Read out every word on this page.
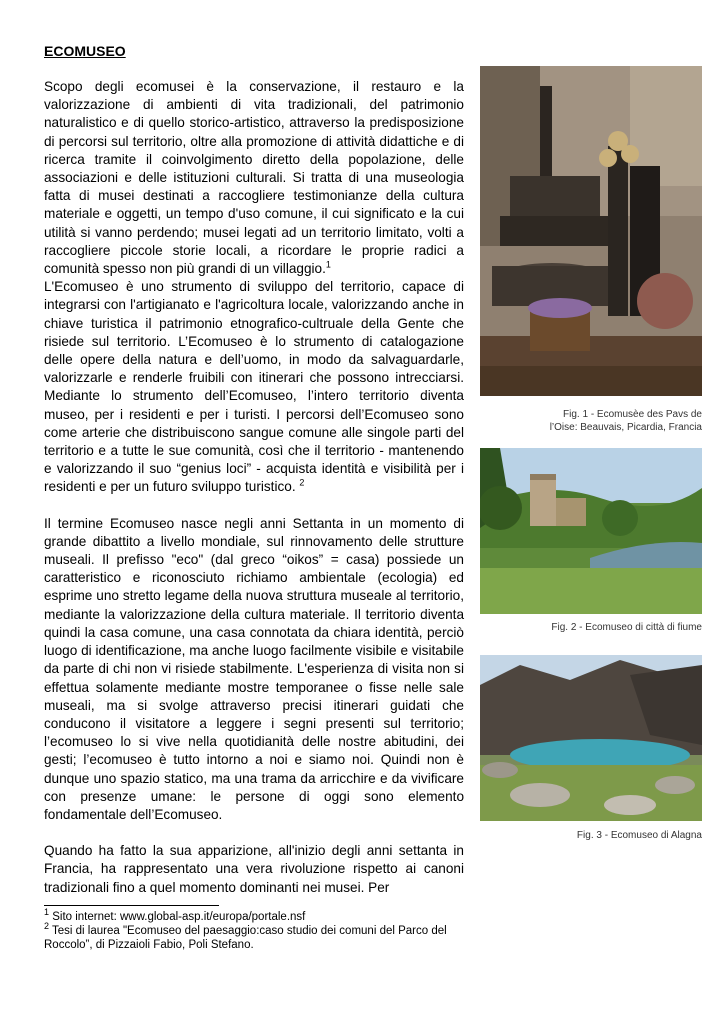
ECOMUSEO

Scopo degli ecomusei è la conservazione, il restauro e la valorizzazione di ambienti di vita tradizionali, del patrimonio naturalistico e di quello storico-artistico, attraverso la predisposizione di percorsi sul territorio, oltre alla promozione di attività didattiche e di ricerca tramite il coinvolgimento diretto della popolazione, delle associazioni e delle istituzioni culturali. Si tratta di una museologia fatta di musei destinati a raccogliere testimonianze della cultura materiale e oggetti, un tempo d'uso comune, il cui significato e la cui utilità si vanno perdendo; musei legati ad un territorio limitato, volti a raccogliere piccole storie locali, a ricordare le proprie radici a comunità spesso non più grandi di un villaggio.$^1$
L'Ecomuseo è uno strumento di sviluppo del territorio, capace di integrarsi con l'artigianato e l'agricoltura locale, valorizzando anche in chiave turistica il patrimonio etnografico-cultruale della Gente che risiede sul territorio. L’Ecomuseo è lo strumento di catalogazione delle opere della natura e dell’uomo, in modo da salvaguardarle, valorizzarle e renderle fruibili con itinerari che possono intrecciarsi. Mediante lo strumento dell’Ecomuseo, l’intero territorio diventa museo, per i residenti e per i turisti. I percorsi dell’Ecomuseo sono come arterie che distribuiscono sangue comune alle singole parti del territorio e a tutte le sue comunità, così che il territorio - mantenendo e valorizzando il suo “genius loci” - acquista identità e visibilità per i residenti e per un futuro sviluppo turistico. $^2$

Il termine Ecomuseo nasce negli anni Settanta in un momento di grande dibattito a livello mondiale, sul rinnovamento delle strutture museali. Il prefisso "eco" (dal greco “oikos” = casa) possiede un caratteristico e riconosciuto richiamo ambientale (ecologia) ed esprime uno stretto legame della nuova struttura museale al territorio, mediante la valorizzazione della cultura materiale. Il territorio diventa quindi la casa comune, una casa connotata da chiara identità, perciò luogo di identificazione, ma anche luogo facilmente visibile e visitabile da parte di chi non vi risiede stabilmente. L'esperienza di visita non si effettua solamente mediante mostre temporanee o fisse nelle sale museali, ma si svolge attraverso precisi itinerari guidati che conducono il visitatore a leggere i segni presenti sul territorio; l’ecomuseo lo si vive nella quotidianità delle nostre abitudini, dei gesti; l’ecomuseo è tutto intorno a noi e siamo noi. Quindi non è dunque uno spazio statico, ma una trama da arricchire e da vivificare con presenze umane: le persone di oggi sono elemento fondamentale dell’Ecomuseo.

Quando ha fatto la sua apparizione, all'inizio degli anni settanta in Francia, ha rappresentato una vera rivoluzione rispetto ai canoni tradizionali fino a quel momento dominanti nei musei. Per

$^1$ Sito internet: www.global-asp.it/europa/portale.nsf
$^2$ Tesi di laurea "Ecomuseo del paesaggio:caso studio dei comuni del Parco del Roccolo”, di Pizzaioli Fabio, Poli Stefano.
Fig. 1 - Ecomusèe des Pavs de
l’Oise: Beauvais, Picardia, Francia
Fig. 2 - Ecomuseo di città di fiume
Fig. 3 - Ecomuseo di Alagna
